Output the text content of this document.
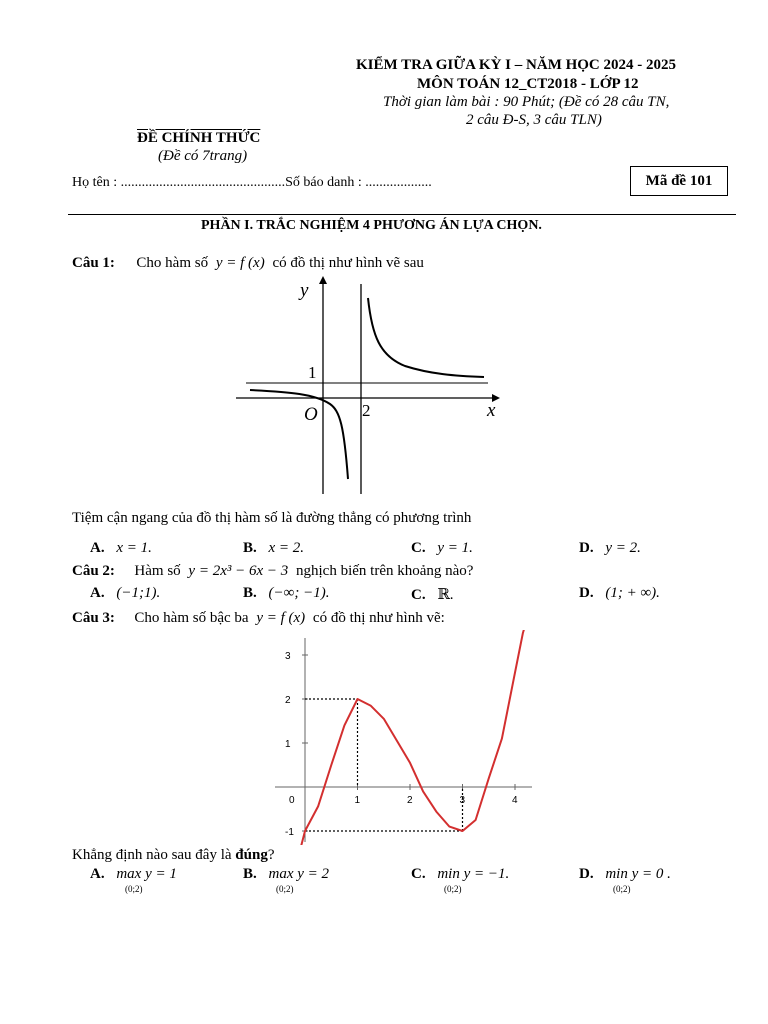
KIỂM TRA GIỮA KỲ I – NĂM HỌC 2024 - 2025
MÔN TOÁN 12_CT2018 - LỚP 12
Thời gian làm bài : 90 Phút; (Đề có 28 câu TN,
2 câu Đ-S, 3 câu TLN)
ĐỀ CHÍNH THỨC
(Đề có 7trang)
Họ tên : ...............................................Số báo danh : ...................	Mã đề 101
PHẦN I. TRẮC NGHIỆM 4 PHƯƠNG ÁN LỰA CHỌN.
Câu 1: Cho hàm số y = f (x) có đồ thị như hình vẽ sau
y
x
O
1
2
Tiệm cận ngang của đồ thị hàm số là đường thẳng có phương trình
A. x = 1.	B. x = 2.	C. y = 1.	D. y = 2.
Câu 2: Hàm số y = 2x³ − 6x − 3 nghịch biến trên khoảng nào?
A. (−1;1).	B. (−∞; −1).	C. ℝ.	D. (1; + ∞).
Câu 3: Cho hàm số bậc ba y = f (x) có đồ thị như hình vẽ:
0	1	2	3	4
-1
1
2
3
Khẳng định nào sau đây là đúng?
A. max y = 1
(0;2)
B. max y = 2
(0;2)
C. min y = −1.
(0;2)
D. min y = 0 .
(0;2)
